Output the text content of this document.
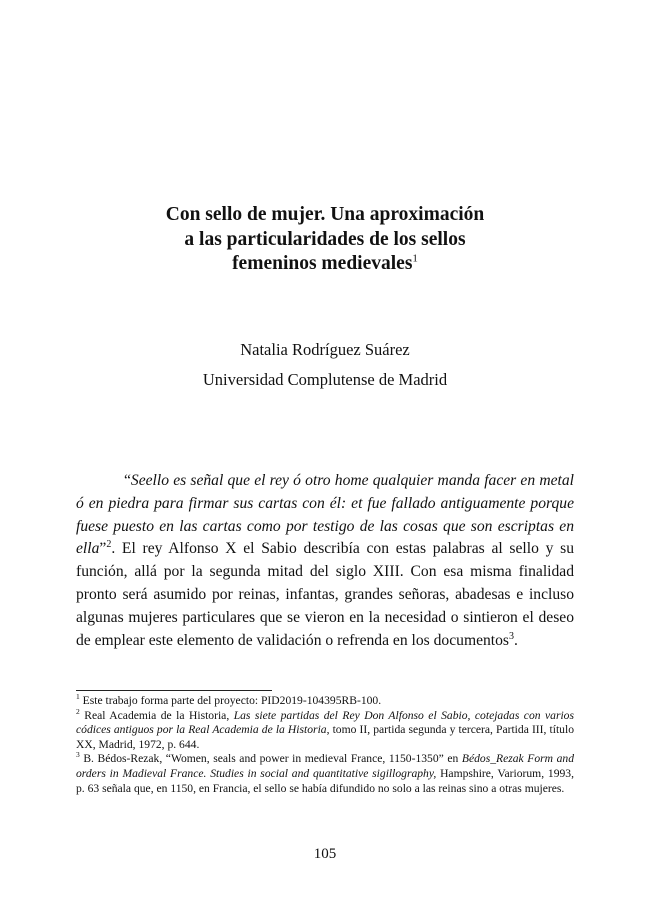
Con sello de mujer. Una aproximación
a las particularidades de los sellos
femeninos medievales$^1$
Natalia Rodríguez Suárez
Universidad Complutense de Madrid

“Seello es señal que el rey ó otro home qualquier manda facer en metal ó en piedra para firmar sus cartas con él: et fue fallado antiguamente porque fuese puesto en las cartas como por testigo de las cosas que son escriptas en ella”$^2$. El rey Alfonso X el Sabio describía con estas palabras al sello y su función, allá por la segunda mitad del siglo XIII. Con esa misma finalidad pronto será asumido por reinas, infantas, grandes señoras, abadesas e incluso algunas mujeres particulares que se vieron en la necesidad o sintieron el deseo de emplear este elemento de validación o refrenda en los documentos$^3$.

$^1$ Este trabajo forma parte del proyecto: PID2019-104395RB-100.

$^2$ Real Academia de la Historia, Las siete partidas del Rey Don Alfonso el Sabio, cotejadas con varios códices antiguos por la Real Academia de la Historia, tomo II, partida segunda y tercera, Partida III, título XX, Madrid, 1972, p. 644.

$^3$ B. Bédos-Rezak, “Women, seals and power in medieval France, 1150-1350” en Bédos_Rezak Form and orders in Madieval France. Studies in social and quantitative sigillography, Hampshire, Variorum, 1993, p. 63 señala que, en 1150, en Francia, el sello se había difundido no solo a las reinas sino a otras mujeres.

105
